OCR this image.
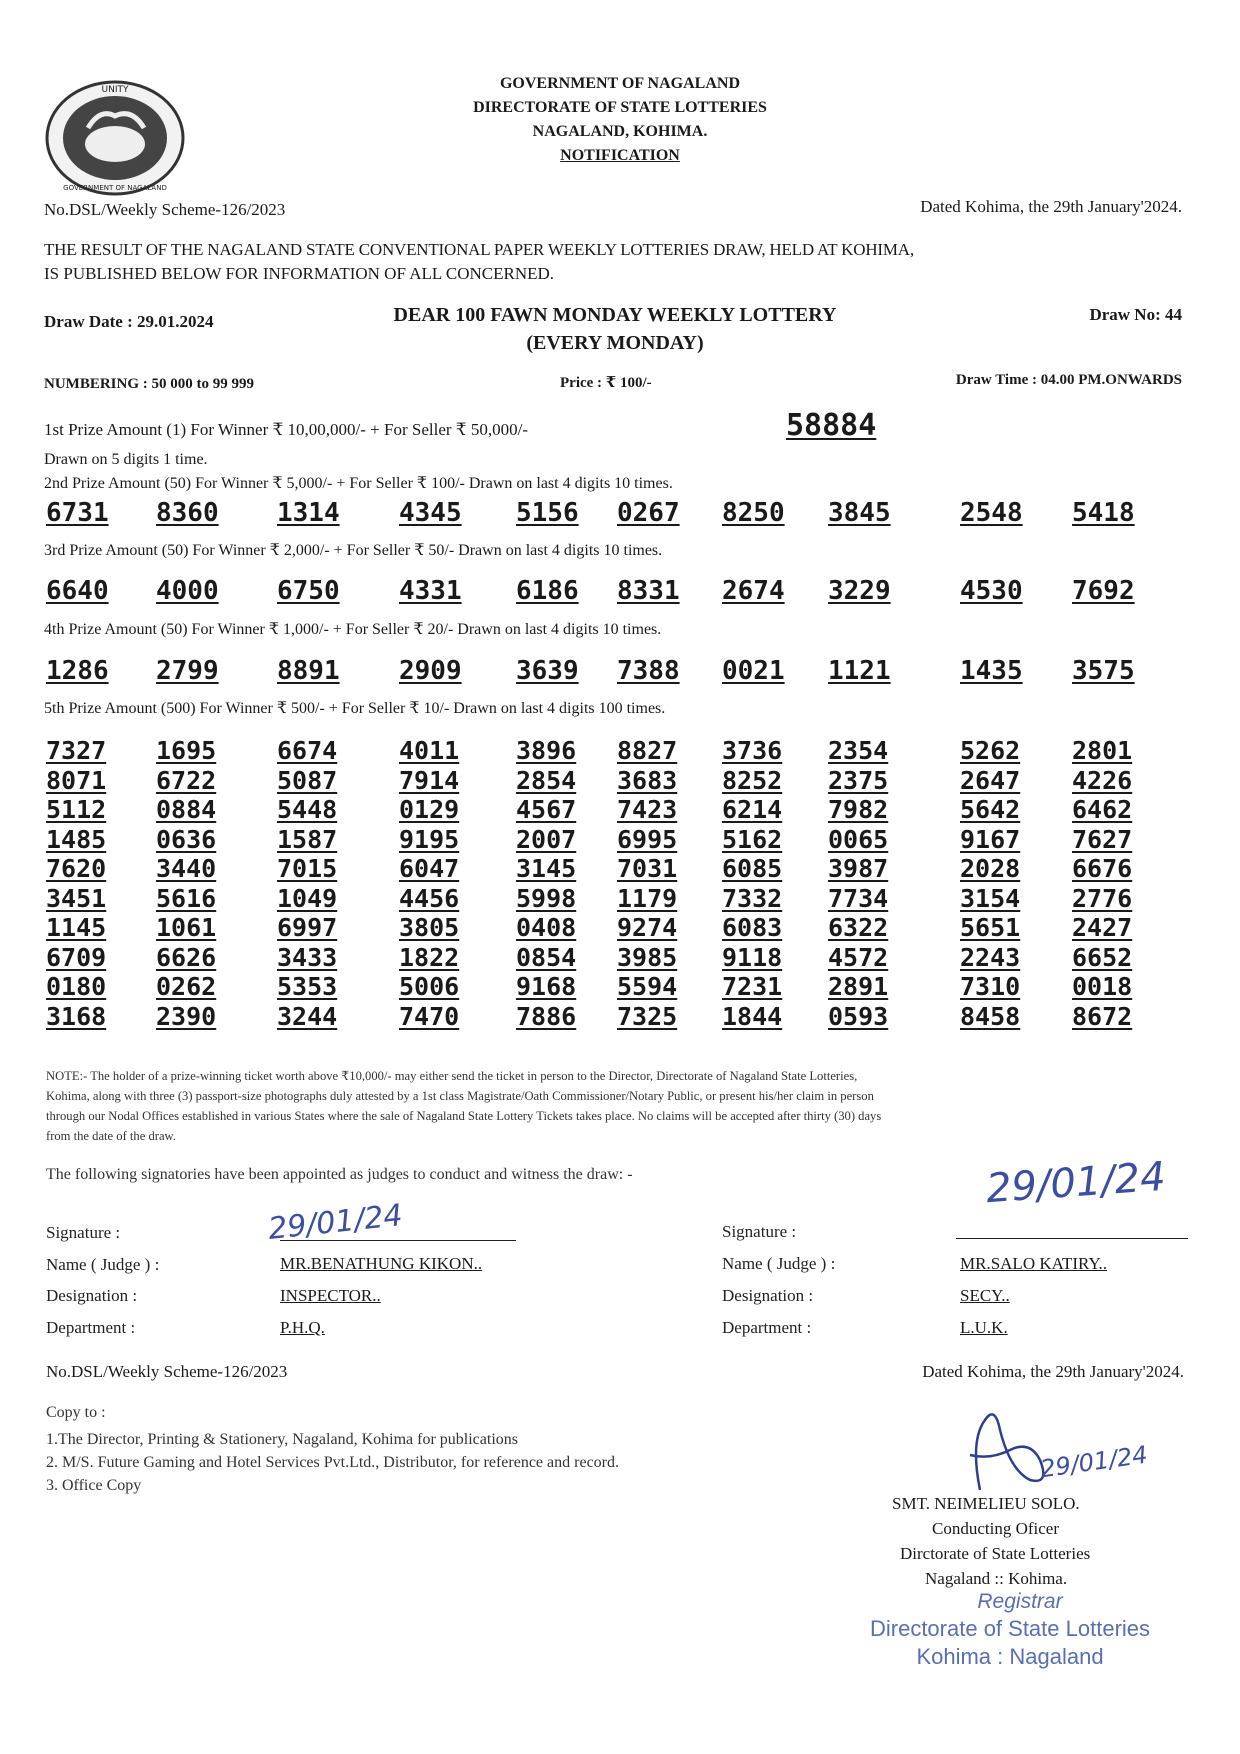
UNITY
GOVERNMENT OF NAGALAND
GOVERNMENT OF NAGALAND
DIRECTORATE OF STATE LOTTERIES
NAGALAND, KOHIMA.
NOTIFICATION
No.DSL/Weekly Scheme-126/2023	Dated Kohima, the 29th January'2024.
THE RESULT OF THE NAGALAND STATE CONVENTIONAL PAPER WEEKLY LOTTERIES DRAW, HELD AT KOHIMA,
IS PUBLISHED BELOW FOR INFORMATION OF ALL CONCERNED.
Draw Date : 29.01.2024	DEAR 100 FAWN MONDAY WEEKLY LOTTERY
(EVERY MONDAY)
Draw No: 44
NUMBERING : 50 000 to 99 999	Price : ₹ 100/-	Draw Time : 04.00 PM.ONWARDS
1st Prize Amount (1) For Winner ₹ 10,00,000/- + For Seller ₹ 50,000/-	58884
Drawn on 5 digits 1 time.
2nd Prize Amount (50) For Winner ₹ 5,000/- + For Seller ₹ 100/- Drawn on last 4 digits 10 times.
6731	8360	1314	4345	5156	0267	8250	3845	2548	5418
3rd Prize Amount (50) For Winner ₹ 2,000/- + For Seller ₹ 50/- Drawn on last 4 digits 10 times.
6640	4000	6750	4331	6186	8331	2674	3229	4530	7692
4th Prize Amount (50) For Winner ₹ 1,000/- + For Seller ₹ 20/- Drawn on last 4 digits 10 times.
1286	2799	8891	2909	3639	7388	0021	1121	1435	3575
5th Prize Amount (500) For Winner ₹ 500/- + For Seller ₹ 10/- Drawn on last 4 digits 100 times.
7327	1695	6674	4011	3896	8827	3736	2354	5262	2801
8071	6722	5087	7914	2854	3683	8252	2375	2647	4226
5112	0884	5448	0129	4567	7423	6214	7982	5642	6462
1485	0636	1587	9195	2007	6995	5162	0065	9167	7627
7620	3440	7015	6047	3145	7031	6085	3987	2028	6676
3451	5616	1049	4456	5998	1179	7332	7734	3154	2776
1145	1061	6997	3805	0408	9274	6083	6322	5651	2427
6709	6626	3433	1822	0854	3985	9118	4572	2243	6652
0180	0262	5353	5006	9168	5594	7231	2891	7310	0018
3168	2390	3244	7470	7886	7325	1844	0593	8458	8672
NOTE:- The holder of a prize-winning ticket worth above ₹10,000/- may either send the ticket in person to the Director, Directorate of Nagaland State Lotteries,
Kohima, along with three (3) passport-size photographs duly attested by a 1st class Magistrate/Oath Commissioner/Notary Public, or present his/her claim in person
through our Nodal Offices established in various States where the sale of Nagaland State Lottery Tickets takes place. No claims will be accepted after thirty (30) days
from the date of the draw.
The following signatories have been appointed as judges to conduct and witness the draw: -	29/01/24
Signature :	29/01/24
Name ( Judge ) :	MR.BENATHUNG KIKON..
Designation :	INSPECTOR..
Department :	P.H.Q.
Signature :
Name ( Judge ) :	MR.SALO KATIRY..
Designation :	SECY..
Department :	L.U.K.
No.DSL/Weekly Scheme-126/2023	Dated Kohima, the 29th January'2024.
Copy to :
1.The Director, Printing & Stationery, Nagaland, Kohima for publications
2. M/S. Future Gaming and Hotel Services Pvt.Ltd., Distributor, for reference and record.
3. Office Copy
29/01/24
SMT. NEIMELIEU SOLO.
Conducting Oficer
Dirctorate of State Lotteries
Nagaland :: Kohima.
Registrar
Directorate of State Lotteries
Kohima : Nagaland
